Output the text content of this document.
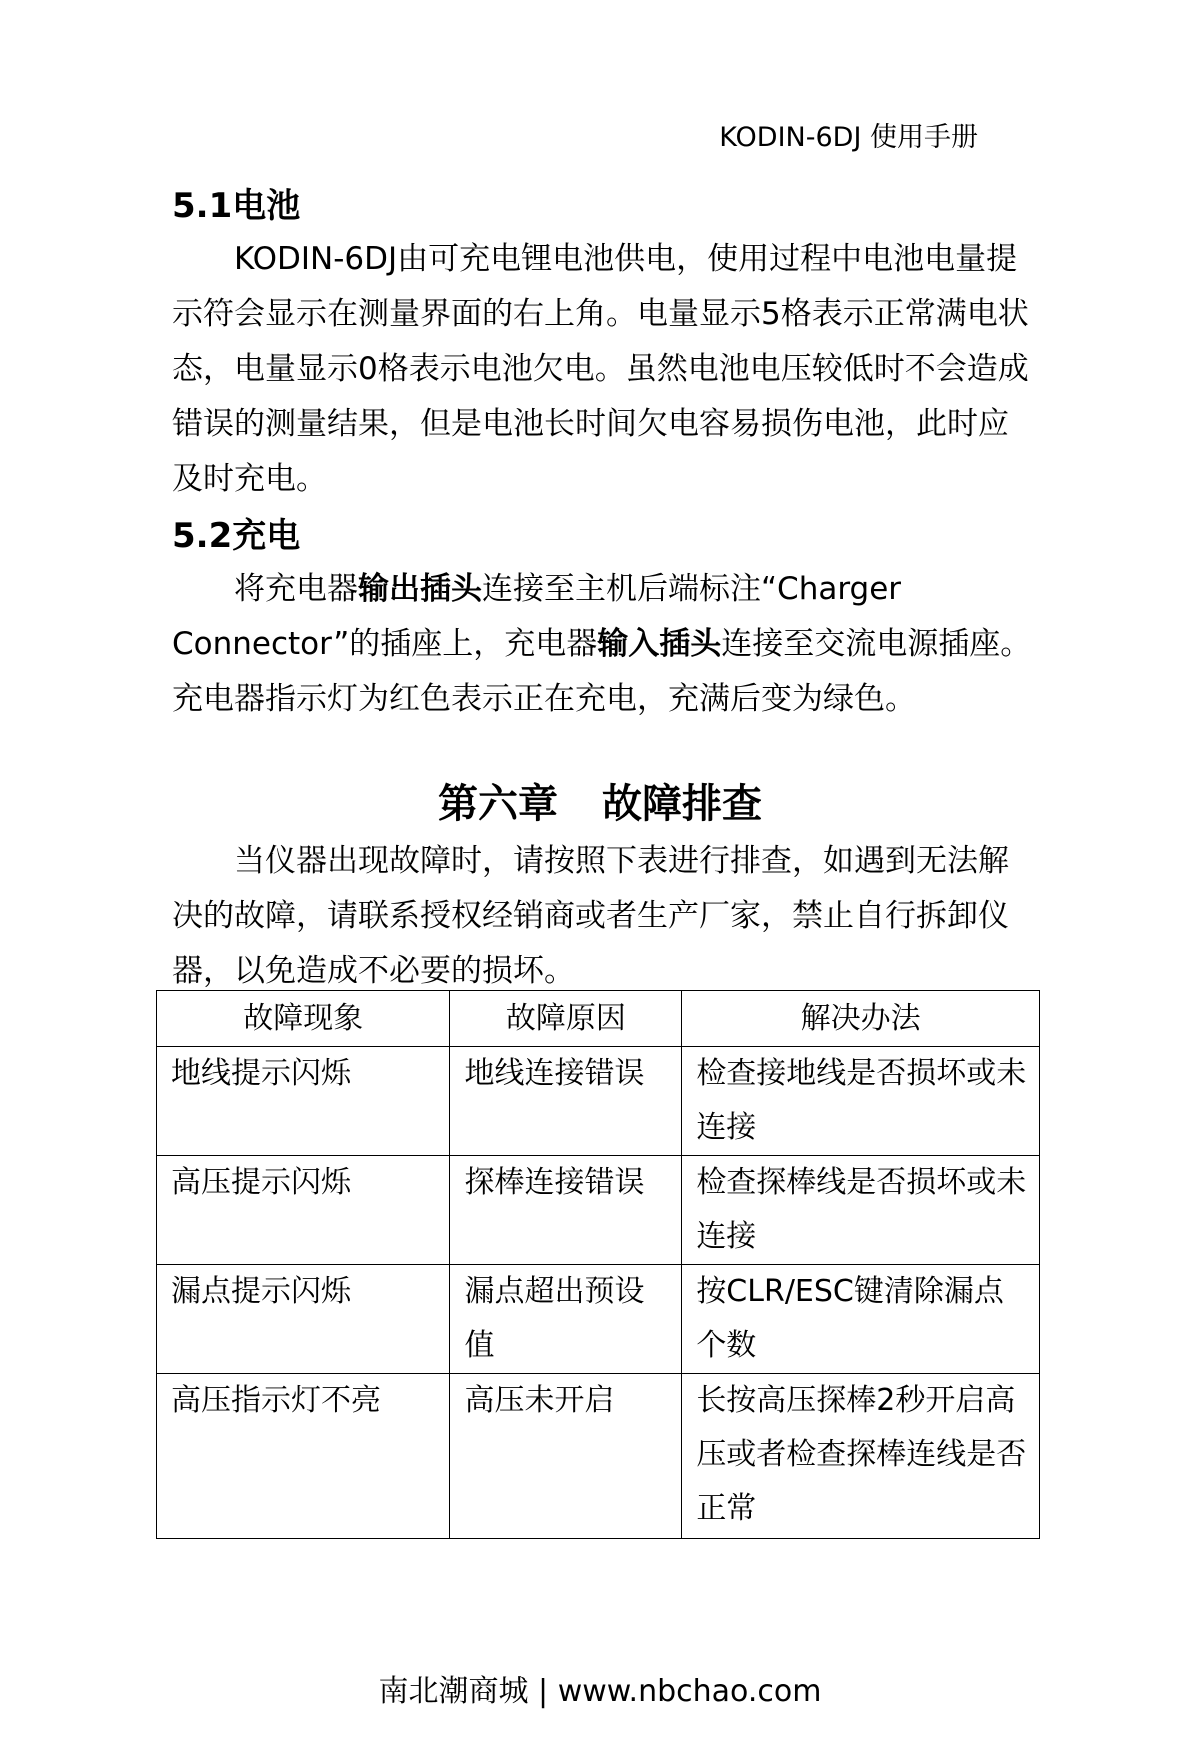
KODIN-6DJ 使用手册
5.1电池

KODIN-6DJ由可充电锂电池供电，使用过程中电池电量提示符会显示在测量界面的右上角。电量显示5格表示正常满电状态，电量显示0格表示电池欠电。虽然电池电压较低时不会造成错误的测量结果，但是电池长时间欠电容易损伤电池，此时应及时充电。

5.2充电

将充电器输出插头连接至主机后端标注“Charger Connector”的插座上，充电器输入插头连接至交流电源插座。充电器指示灯为红色表示正在充电，充满后变为绿色。

第六章 故障排查

当仪器出现故障时，请按照下表进行排查，如遇到无法解决的故障，请联系授权经销商或者生产厂家，禁止自行拆卸仪器，以免造成不必要的损坏。

故障现象	故障原因	解决办法
地线提示闪烁	地线连接错误	检查接地线是否损坏或未连接
高压提示闪烁	探棒连接错误	检查探棒线是否损坏或未连接
漏点提示闪烁	漏点超出预设值	按CLR/ESC键清除漏点个数
高压指示灯不亮	高压未开启	长按高压探棒2秒开启高压或者检查探棒连线是否正常
南北潮商城 | www.nbchao.com
